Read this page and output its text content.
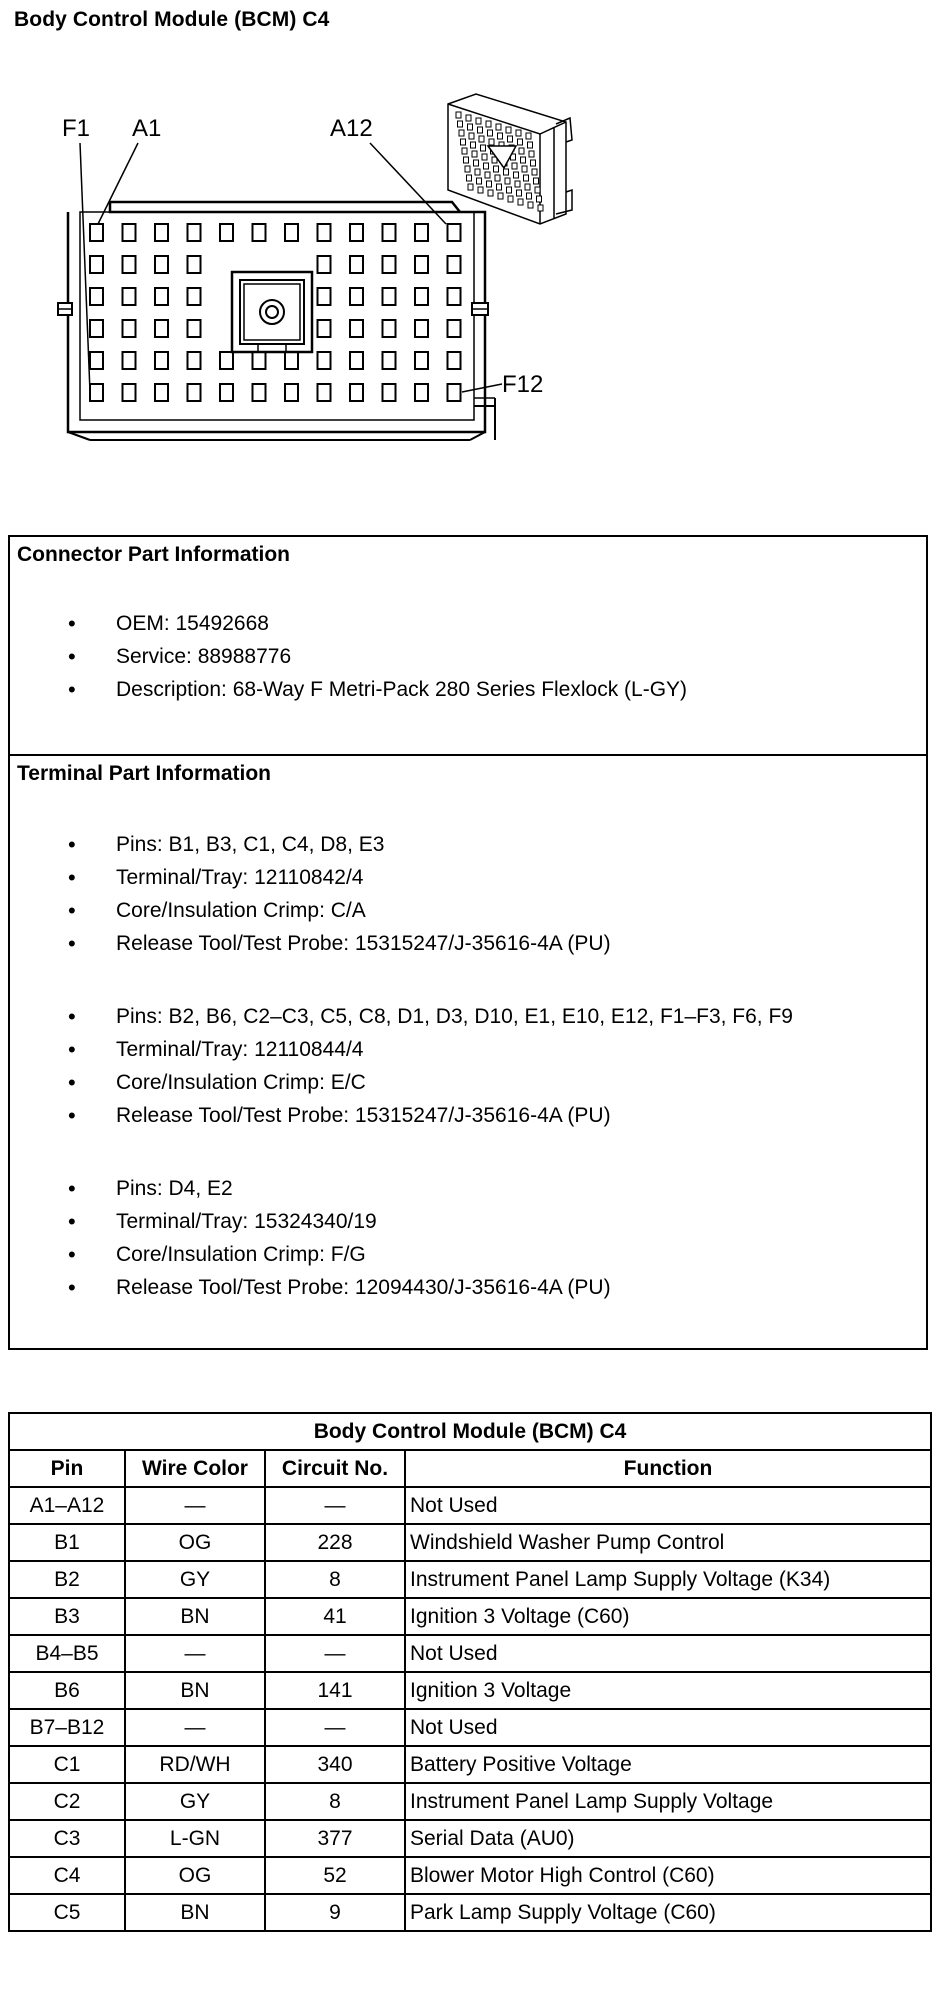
Body Control Module (BCM) C4
F1 A1	A12
F12
Connector Part Information
• OEM: 15492668
• Service: 88988776
• Description: 68-Way F Metri-Pack 280 Series Flexlock (L-GY)
Terminal Part Information
• Pins: B1, B3, C1, C4, D8, E3
• Terminal/Tray: 12110842/4
• Core/Insulation Crimp: C/A
• Release Tool/Test Probe: 15315247/J-35616-4A (PU)
• Pins: B2, B6, C2–C3, C5, C8, D1, D3, D10, E1, E10, E12, F1–F3, F6, F9
• Terminal/Tray: 12110844/4
• Core/Insulation Crimp: E/C
• Release Tool/Test Probe: 15315247/J-35616-4A (PU)
• Pins: D4, E2
• Terminal/Tray: 15324340/19
• Core/Insulation Crimp: F/G
• Release Tool/Test Probe: 12094430/J-35616-4A (PU)
Body Control Module (BCM) C4			
Pin	Wire Color	Circuit No.	Function
A1–A12	—	—	Not Used
B1	OG	228	Windshield Washer Pump Control
B2	GY	8	Instrument Panel Lamp Supply Voltage (K34)
B3	BN	41	Ignition 3 Voltage (C60)
B4–B5	—	—	Not Used
B6	BN	141	Ignition 3 Voltage
B7–B12	—	—	Not Used
C1	RD/WH	340	Battery Positive Voltage
C2	GY	8	Instrument Panel Lamp Supply Voltage
C3	L-GN	377	Serial Data (AU0)
C4	OG	52	Blower Motor High Control (C60)
C5	BN	9	Park Lamp Supply Voltage (C60)
